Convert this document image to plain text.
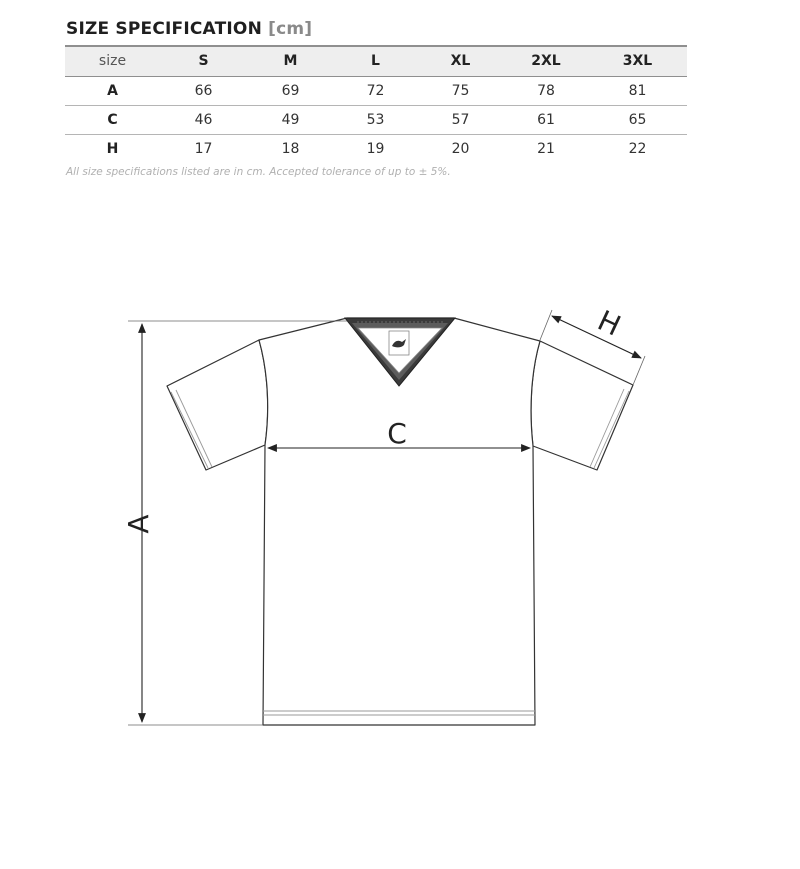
SIZE SPECIFICATION [cm]
size	S	M	L	XL	2XL	3XL
A	66	69	72	75	78	81
C	46	49	53	57	61	65
H	17	18	19	20	21	22
All size specifications listed are in cm. Accepted tolerance of up to ± 5%.
A
C
H
